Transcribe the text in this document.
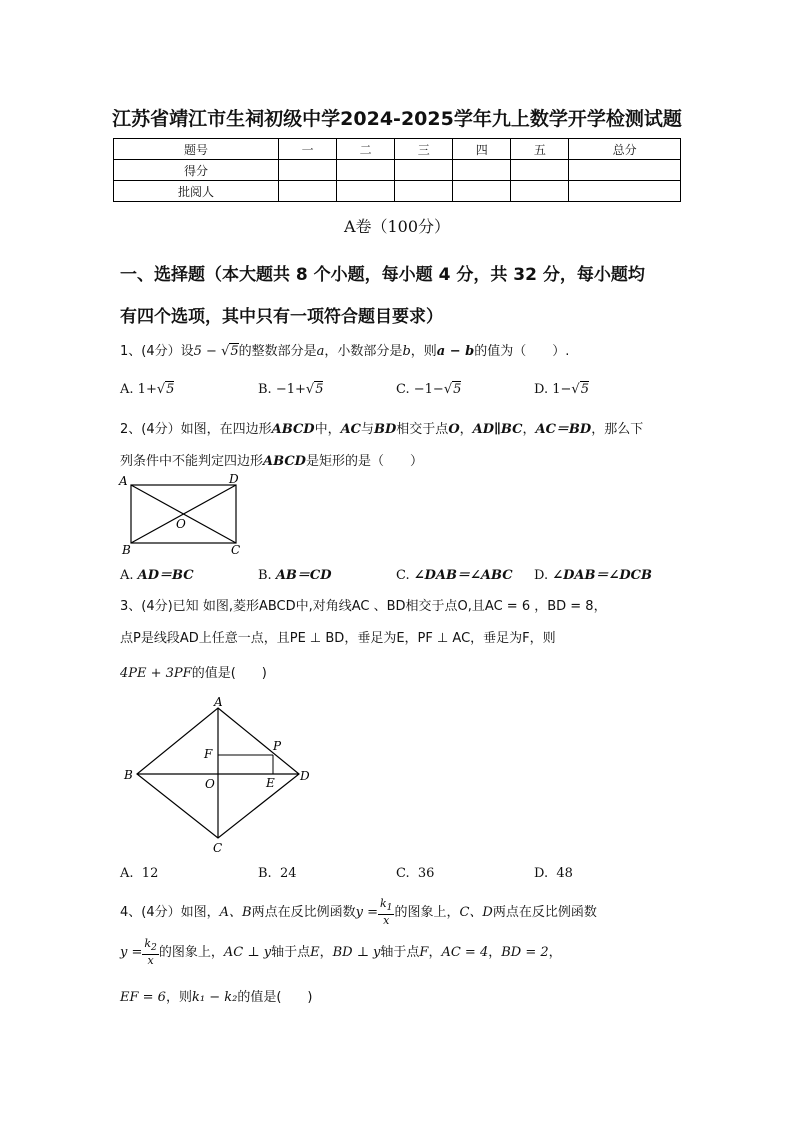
江苏省靖江市生祠初级中学2024-2025学年九上数学开学检测试题
题号	一	二	三	四	五	总分
得分						
批阅人						
A卷（100分）
一、选择题（本大题共 8 个小题，每小题 4 分，共 32 分，每小题均
有四个选项，其中只有一项符合题目要求）
1、(4分）设5 − √5的整数部分是a，小数部分是b，则a − b的值为（　　）.
A. 1+√5	B. −1+√5	C. −1−√5	D. 1−√5
2、(4分）如图，在四边形ABCD中，AC与BD相交于点O，AD∥BC，AC＝BD，那么下
列条件中不能判定四边形ABCD是矩形的是（　　）
A	D
O
B	C
A. AD＝BC	B. AB＝CD	C. ∠DAB＝∠ABC D. ∠DAB＝∠DCB
3、(4分)已知 如图,菱形ABCD中,对角线AC 、BD相交于点O,且AC = 6 ，BD = 8，
点P是线段AD上任意一点，且PE ⊥ BD，垂足为E，PF ⊥ AC，垂足为F，则
4PE + 3PF的值是(　　)
A
P
F
B
O	E D
C
A. 12	B. 24	C. 36	D. 48
4、(4分）如图，A、B两点在反比例函数$y = \frac{k_1}{x}$ 的图象上，C、D两点在反比例函数
$y = \frac{k_2}{x}$ 的图象上，AC ⊥ y轴于点E，BD ⊥ y轴于点F，AC = 4，BD = 2，
EF = 6，则k₁ − k₂的值是(　　)
